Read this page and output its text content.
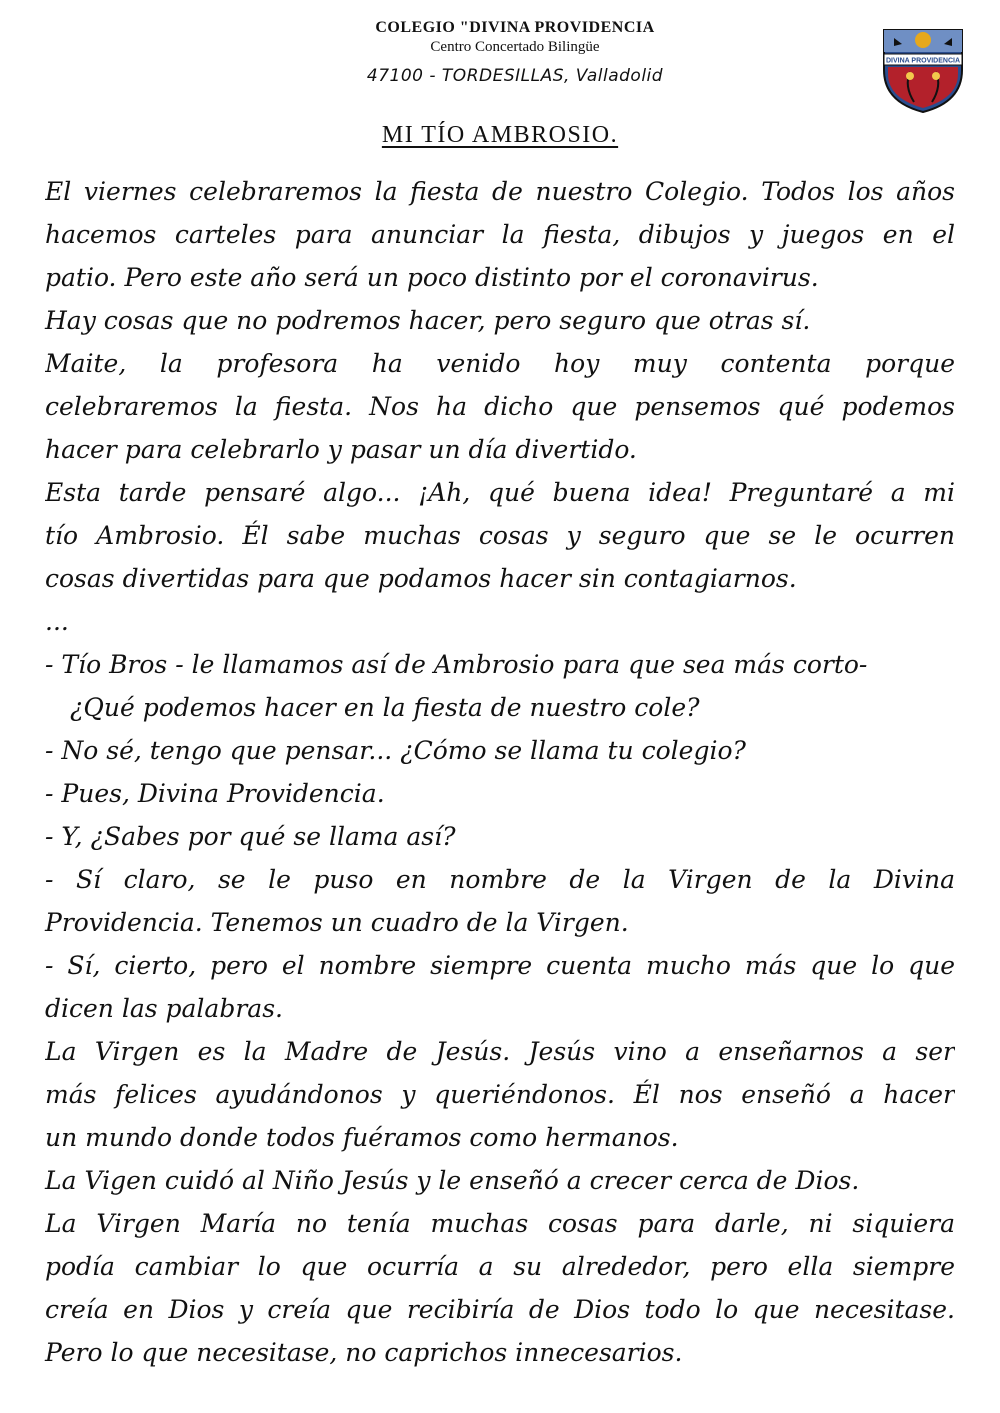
COLEGIO "DIVINA PROVIDENCIA
Centro Concertado Bilingüe
47100 - TORDESILLAS, Valladolid
DIVINA PROVIDENCIA
MI TÍO AMBROSIO.
El viernes celebraremos la fiesta de nuestro Colegio. Todos los años
hacemos carteles para anunciar la fiesta, dibujos y juegos en el
patio. Pero este año será un poco distinto por el coronavirus.
Hay cosas que no podremos hacer, pero seguro que otras sí.
Maite, la profesora ha venido hoy muy contenta porque
celebraremos la fiesta. Nos ha dicho que pensemos qué podemos
hacer para celebrarlo y pasar un día divertido.
Esta tarde pensaré algo... ¡Ah, qué buena idea! Preguntaré a mi
tío Ambrosio. Él sabe muchas cosas y seguro que se le ocurren
cosas divertidas para que podamos hacer sin contagiarnos.
...
- Tío Bros - le llamamos así de Ambrosio para que sea más corto-
¿Qué podemos hacer en la fiesta de nuestro cole?
- No sé, tengo que pensar... ¿Cómo se llama tu colegio?
- Pues, Divina Providencia.
- Y, ¿Sabes por qué se llama así?
- Sí claro, se le puso en nombre de la Virgen de la Divina
Providencia. Tenemos un cuadro de la Virgen.
- Sí, cierto, pero el nombre siempre cuenta mucho más que lo que
dicen las palabras.
La Virgen es la Madre de Jesús. Jesús vino a enseñarnos a ser
más felices ayudándonos y queriéndonos. Él nos enseñó a hacer
un mundo donde todos fuéramos como hermanos.
La Vigen cuidó al Niño Jesús y le enseñó a crecer cerca de Dios.
La Virgen María no tenía muchas cosas para darle, ni siquiera
podía cambiar lo que ocurría a su alrededor, pero ella siempre
creía en Dios y creía que recibiría de Dios todo lo que necesitase.
Pero lo que necesitase, no caprichos innecesarios.
